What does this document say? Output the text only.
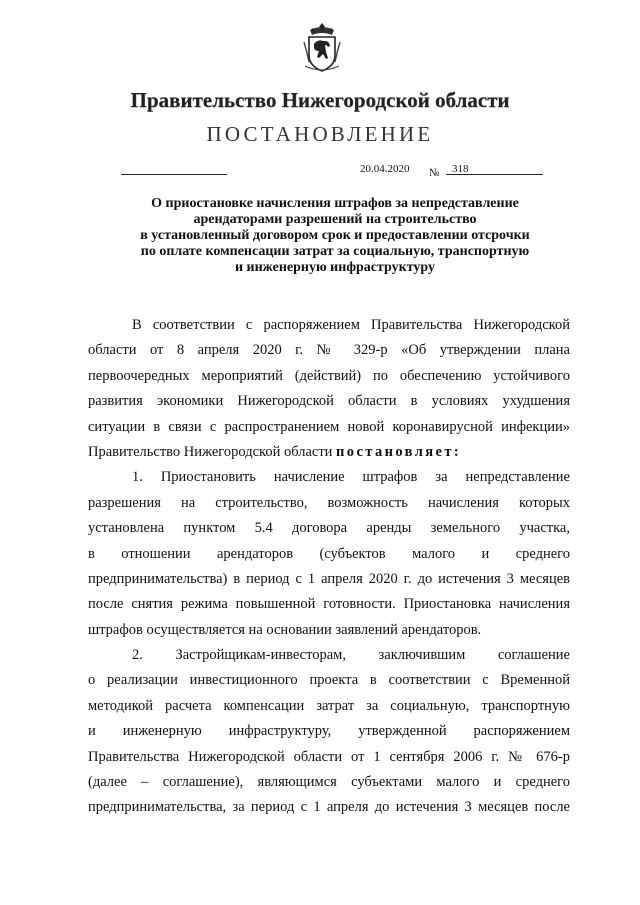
Правительство Нижегородской области
ПОСТАНОВЛЕНИЕ
20.04.2020 № 318
О приостановке начисления штрафов за непредставление
арендаторами разрешений на строительство
в установленный договором срок и предоставлении отсрочки
по оплате компенсации затрат за социальную, транспортную
и инженерную инфраструктуру
В соответствии с распоряжением Правительства Нижегородской
области от 8 апреля 2020 г. № 329-р «Об утверждении плана
первоочередных мероприятий (действий) по обеспечению устойчивого
развития экономики Нижегородской области в условиях ухудшения
ситуации в связи с распространением новой коронавирусной инфекции»
Правительство Нижегородской области постановляет:
1. Приостановить начисление штрафов за непредставление
разрешения на строительство, возможность начисления которых
установлена пунктом 5.4 договора аренды земельного участка,
в отношении арендаторов (субъектов малого и среднего
предпринимательства) в период с 1 апреля 2020 г. до истечения 3 месяцев
после снятия режима повышенной готовности. Приостановка начисления
штрафов осуществляется на основании заявлений арендаторов.
2. Застройщикам-инвесторам, заключившим соглашение
о реализации инвестиционного проекта в соответствии с Временной
методикой расчета компенсации затрат за социальную, транспортную
и инженерную инфраструктуру, утвержденной распоряжением
Правительства Нижегородской области от 1 сентября 2006 г. № 676-р
(далее – соглашение), являющимся субъектами малого и среднего
предпринимательства, за период с 1 апреля до истечения 3 месяцев после
